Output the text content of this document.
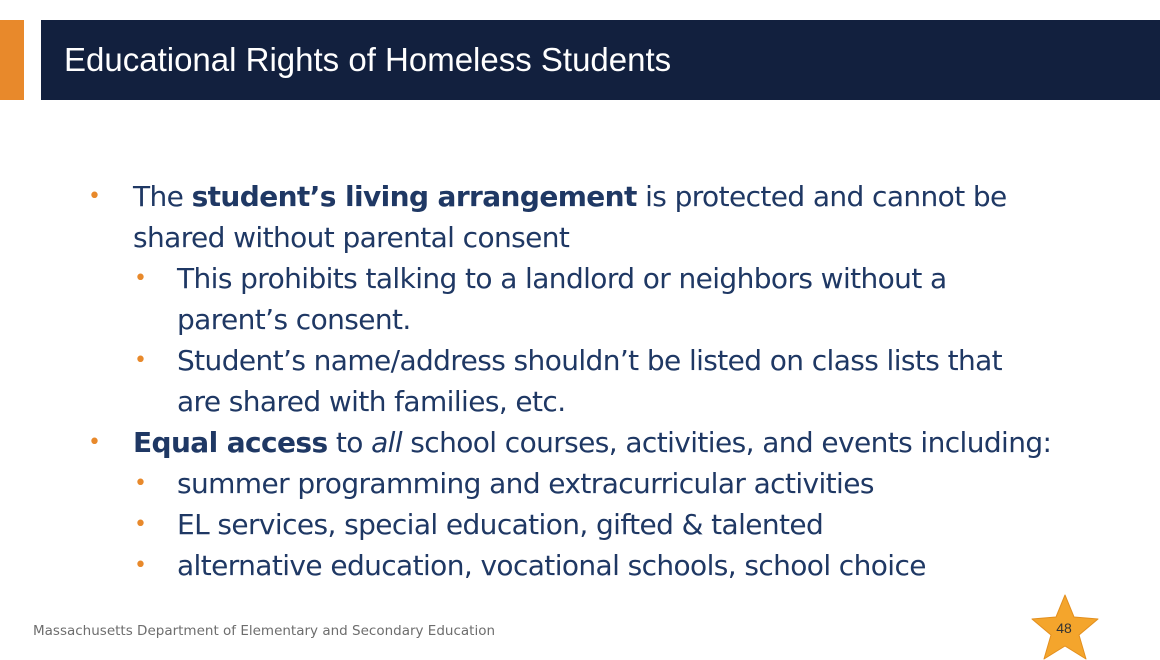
Educational Rights of Homeless Students
• The student’s living arrangement is protected and cannot be
shared without parental consent
• This prohibits talking to a landlord or neighbors without a
parent’s consent.
• Student’s name/address shouldn’t be listed on class lists that
are shared with families, etc.
• Equal access to all school courses, activities, and events including:
• summer programming and extracurricular activities
• EL services, special education, gifted & talented
• alternative education, vocational schools, school choice
Massachusetts Department of Elementary and Secondary Education	48
